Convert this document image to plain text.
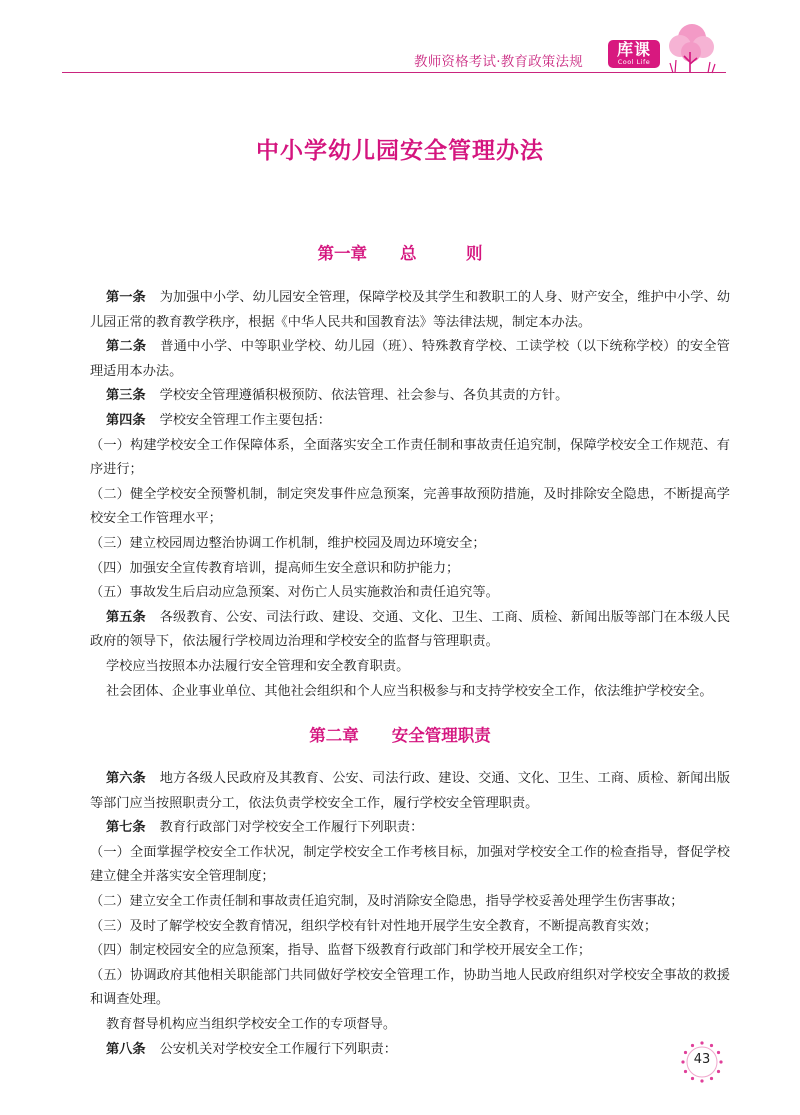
教师资格考试·教育政策法规
库课
Cool Life
中小学幼儿园安全管理办法
第一章　　总　　　则

第一条 为加强中小学、幼儿园安全管理，保障学校及其学生和教职工的人身、财产安全，维护中小学、幼儿园正常的教育教学秩序，根据《中华人民共和国教育法》等法律法规，制定本办法。

第二条 普通中小学、中等职业学校、幼儿园（班）、特殊教育学校、工读学校（以下统称学校）的安全管理适用本办法。

第三条 学校安全管理遵循积极预防、依法管理、社会参与、各负其责的方针。

第四条 学校安全管理工作主要包括：

（一）构建学校安全工作保障体系，全面落实安全工作责任制和事故责任追究制，保障学校安全工作规范、有序进行；

（二）健全学校安全预警机制，制定突发事件应急预案，完善事故预防措施，及时排除安全隐患，不断提高学校安全工作管理水平；

（三）建立校园周边整治协调工作机制，维护校园及周边环境安全；

（四）加强安全宣传教育培训，提高师生安全意识和防护能力；

（五）事故发生后启动应急预案、对伤亡人员实施救治和责任追究等。

第五条 各级教育、公安、司法行政、建设、交通、文化、卫生、工商、质检、新闻出版等部门在本级人民政府的领导下，依法履行学校周边治理和学校安全的监督与管理职责。

学校应当按照本办法履行安全管理和安全教育职责。

社会团体、企业事业单位、其他社会组织和个人应当积极参与和支持学校安全工作，依法维护学校安全。

第二章　　安全管理职责

第六条 地方各级人民政府及其教育、公安、司法行政、建设、交通、文化、卫生、工商、质检、新闻出版等部门应当按照职责分工，依法负责学校安全工作，履行学校安全管理职责。

第七条 教育行政部门对学校安全工作履行下列职责：

（一）全面掌握学校安全工作状况，制定学校安全工作考核目标，加强对学校安全工作的检查指导，督促学校建立健全并落实安全管理制度；

（二）建立安全工作责任制和事故责任追究制，及时消除安全隐患，指导学校妥善处理学生伤害事故；

（三）及时了解学校安全教育情况，组织学校有针对性地开展学生安全教育，不断提高教育实效；

（四）制定校园安全的应急预案，指导、监督下级教育行政部门和学校开展安全工作；

（五）协调政府其他相关职能部门共同做好学校安全管理工作，协助当地人民政府组织对学校安全事故的救援和调查处理。

教育督导机构应当组织学校安全工作的专项督导。

第八条 公安机关对学校安全工作履行下列职责：

43
